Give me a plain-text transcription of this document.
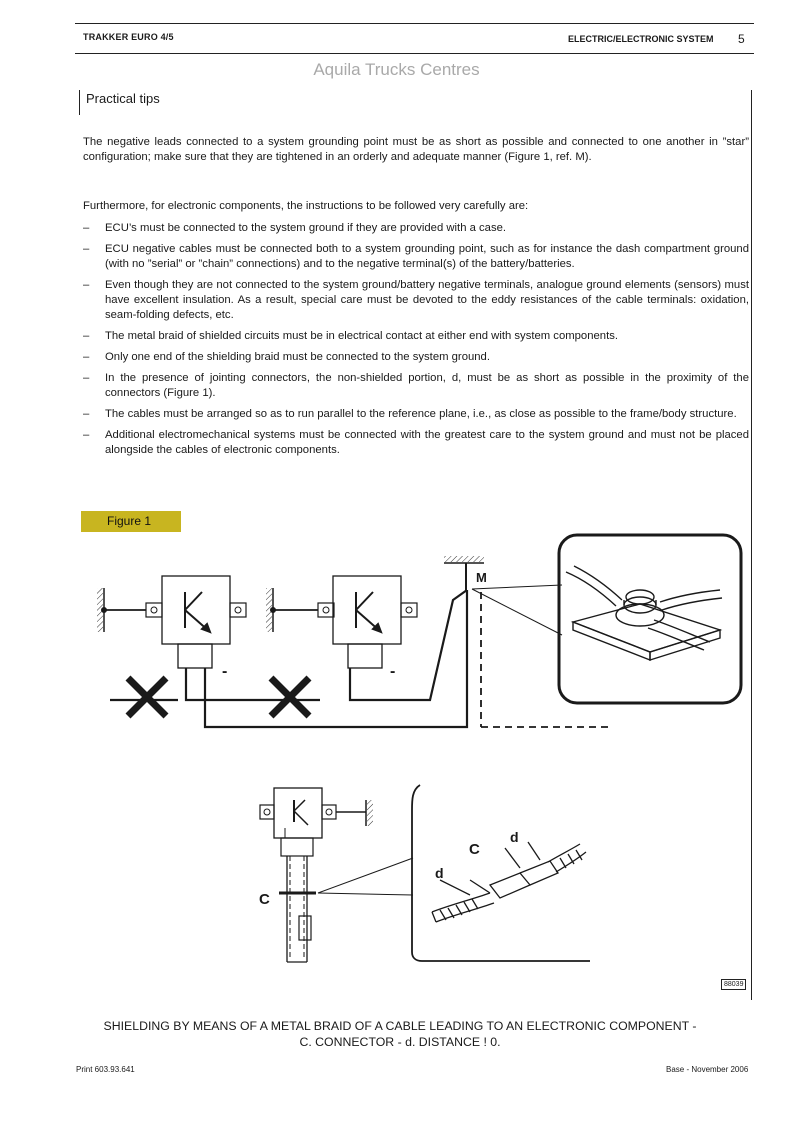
TRAKKER EURO 4/5	ELECTRIC/ELECTRONIC SYSTEM 5
Aquila Trucks Centres
Practical tips
The negative leads connected to a system grounding point must be as short as possible and connected to one another in ”star” configuration; make sure that they are tightened in an orderly and adequate manner (Figure 1, ref. M).
Furthermore, for electronic components, the instructions to be followed very carefully are:
– ECU’s must be connected to the system ground if they are provided with a case.
– ECU negative cables must be connected both to a system grounding point, such as for instance the dash compartment ground (with no ”serial” or ”chain” connections) and to the negative terminal(s) of the battery/batteries.
– Even though they are not connected to the system ground/battery negative terminals, analogue ground elements (sensors) must have excellent insulation. As a result, special care must be devoted to the eddy resistances of the cable terminals: oxidation, seam-folding defects, etc.
– The metal braid of shielded circuits must be in electrical contact at either end with system components.
– Only one end of the shielding braid must be connected to the system ground.
– In the presence of jointing connectors, the non-shielded portion, d, must be as short as possible in the proximity of the connectors (Figure 1).
– The cables must be arranged so as to run parallel to the reference plane, i.e., as close as possible to the frame/body structure.
– Additional electromechanical systems must be connected with the greatest care to the system ground and must not be placed alongside the cables of electronic components.
Figure 1
M
-	-
C
C
d
d
88039
SHIELDING BY MEANS OF A METAL BRAID OF A CABLE LEADING TO AN ELECTRONIC COMPONENT -
C. CONNECTOR - d. DISTANCE ! 0.
Print 603.93.641	Base - November 2006
